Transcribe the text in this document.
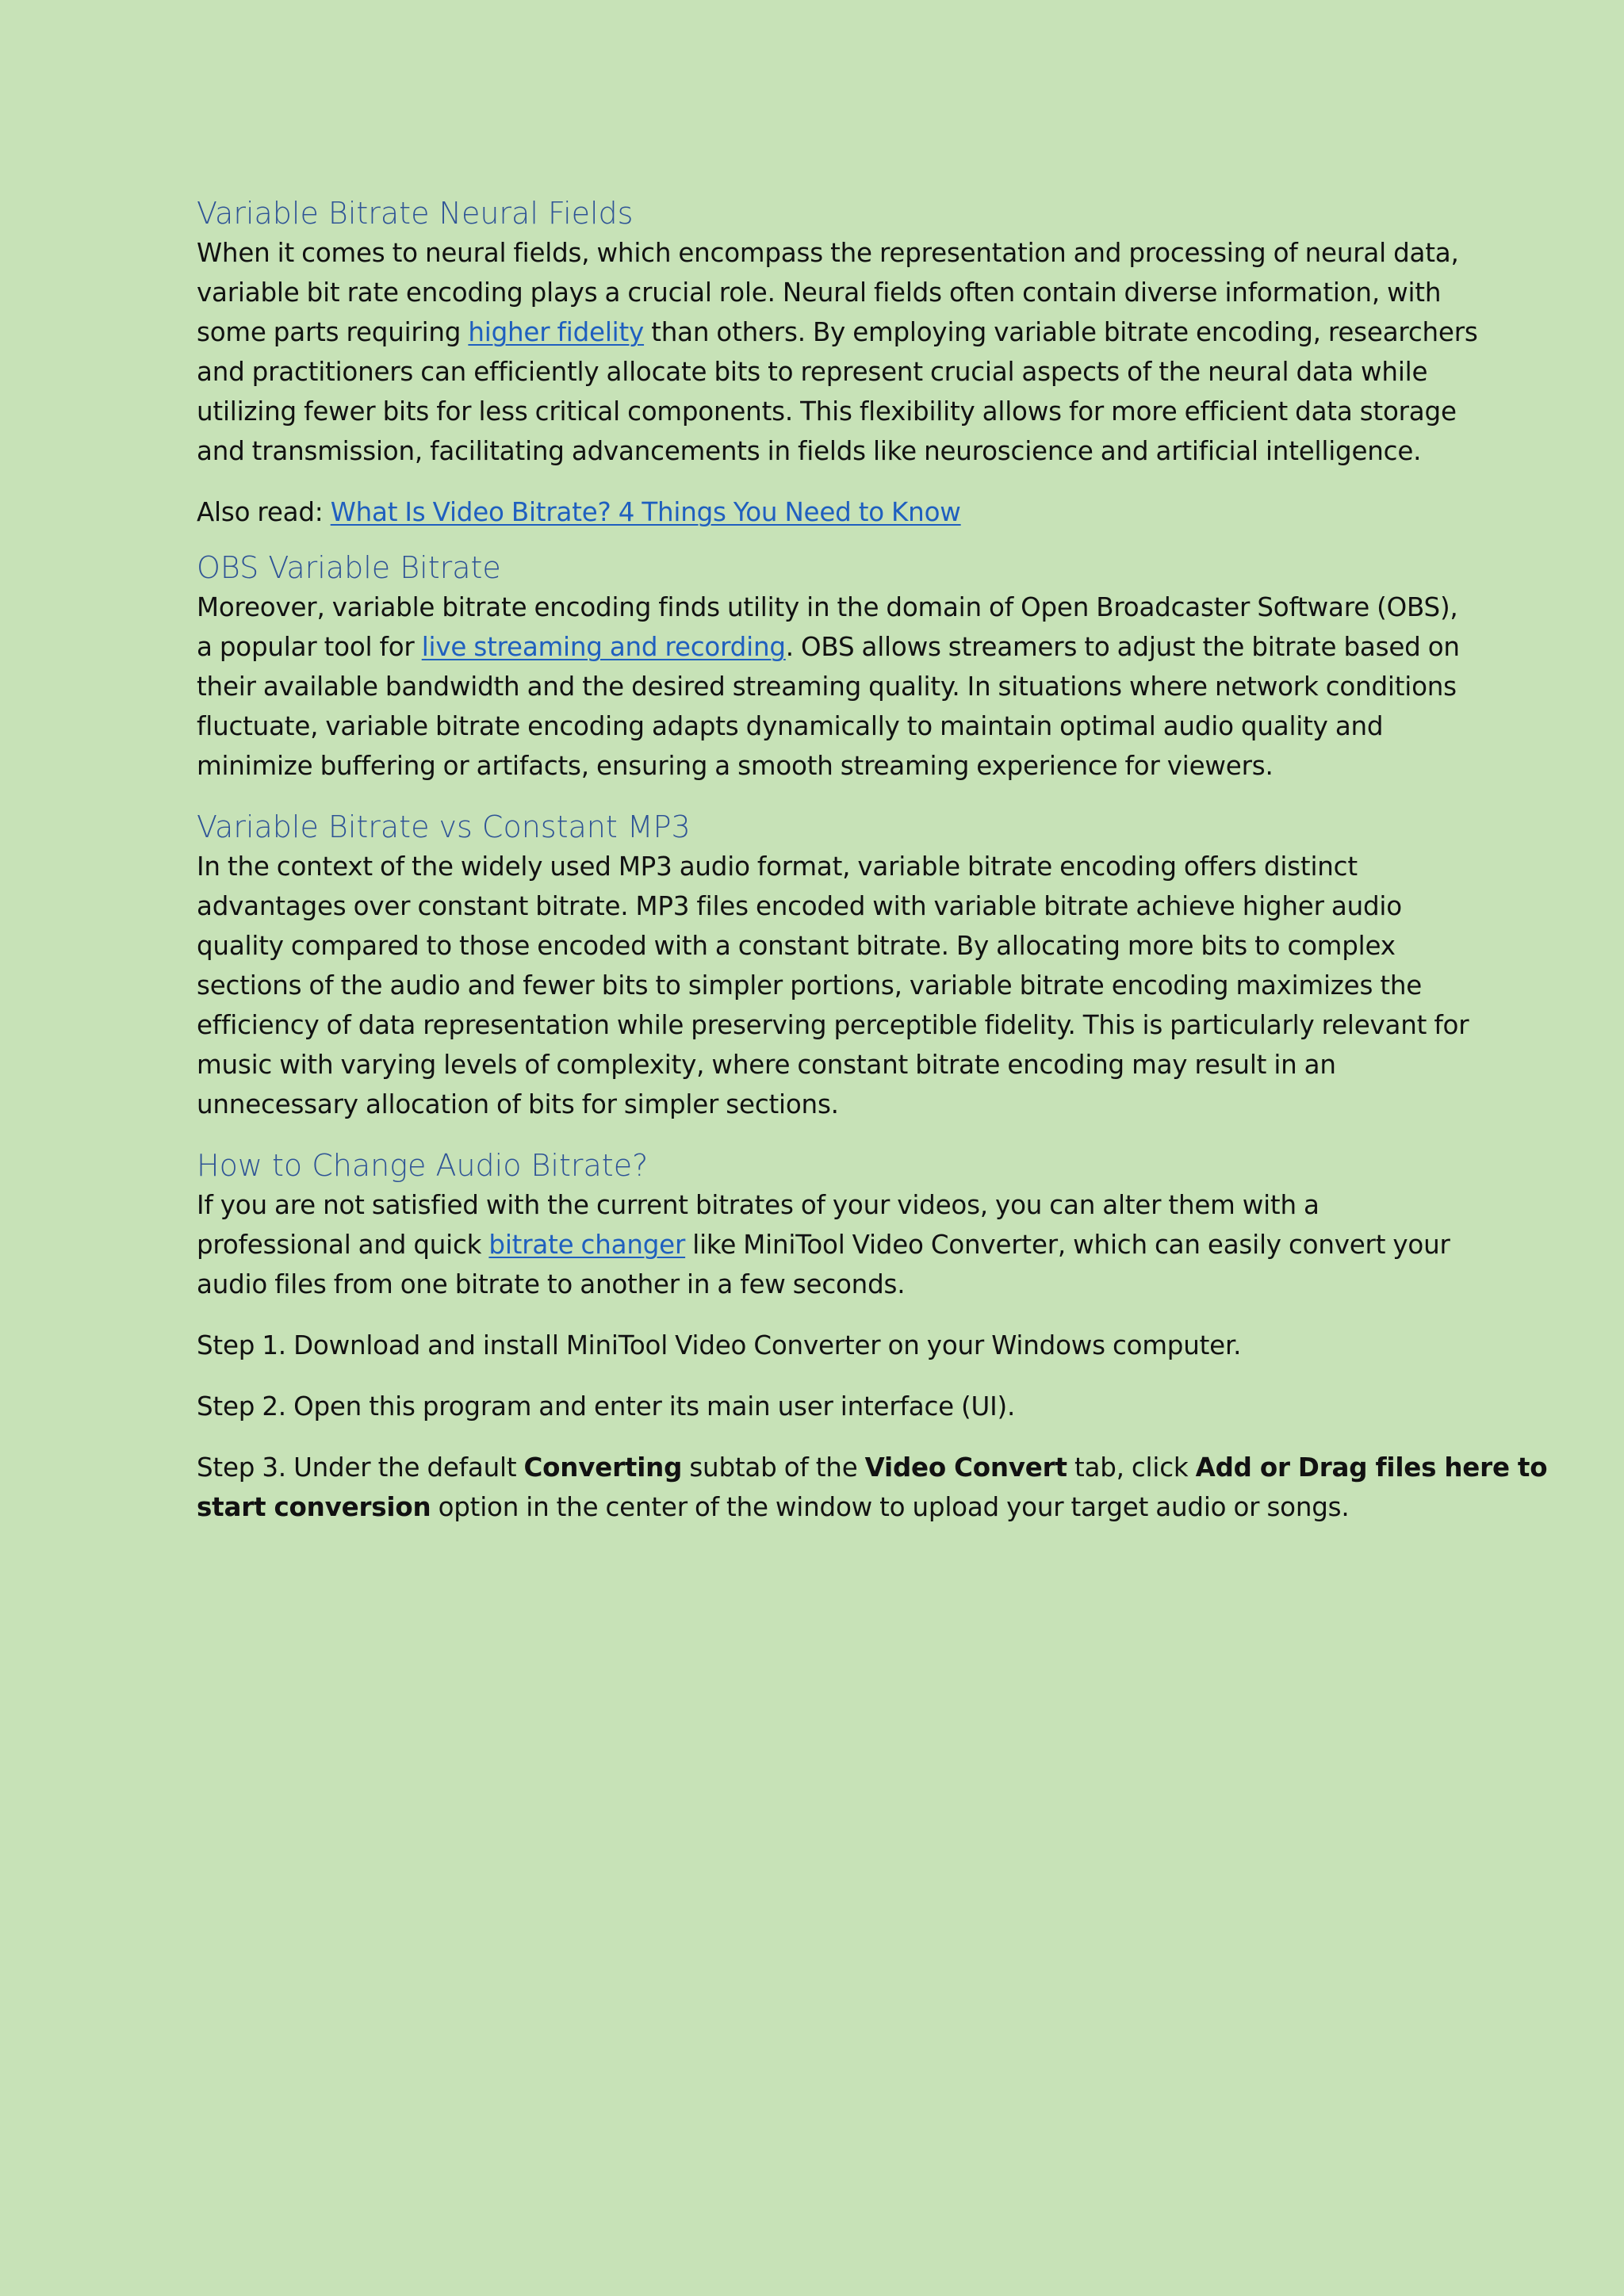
Variable Bitrate Neural Fields

When it comes to neural fields, which encompass the representation and processing of neural data,
variable bit rate encoding plays a crucial role. Neural fields often contain diverse information, with
some parts requiring higher fidelity than others. By employing variable bitrate encoding, researchers
and practitioners can efficiently allocate bits to represent crucial aspects of the neural data while
utilizing fewer bits for less critical components. This flexibility allows for more efficient data storage
and transmission, facilitating advancements in fields like neuroscience and artificial intelligence.

Also read: What Is Video Bitrate? 4 Things You Need to Know

OBS Variable Bitrate

Moreover, variable bitrate encoding finds utility in the domain of Open Broadcaster Software (OBS),
a popular tool for live streaming and recording. OBS allows streamers to adjust the bitrate based on
their available bandwidth and the desired streaming quality. In situations where network conditions
fluctuate, variable bitrate encoding adapts dynamically to maintain optimal audio quality and
minimize buffering or artifacts, ensuring a smooth streaming experience for viewers.

Variable Bitrate vs Constant MP3

In the context of the widely used MP3 audio format, variable bitrate encoding offers distinct
advantages over constant bitrate. MP3 files encoded with variable bitrate achieve higher audio
quality compared to those encoded with a constant bitrate. By allocating more bits to complex
sections of the audio and fewer bits to simpler portions, variable bitrate encoding maximizes the
efficiency of data representation while preserving perceptible fidelity. This is particularly relevant for
music with varying levels of complexity, where constant bitrate encoding may result in an
unnecessary allocation of bits for simpler sections.

How to Change Audio Bitrate?

If you are not satisfied with the current bitrates of your videos, you can alter them with a
professional and quick bitrate changer like MiniTool Video Converter, which can easily convert your
audio files from one bitrate to another in a few seconds.

Step 1. Download and install MiniTool Video Converter on your Windows computer.

Step 2. Open this program and enter its main user interface (UI).

Step 3. Under the default Converting subtab of the Video Convert tab, click Add or Drag files here to
start conversion option in the center of the window to upload your target audio or songs.
